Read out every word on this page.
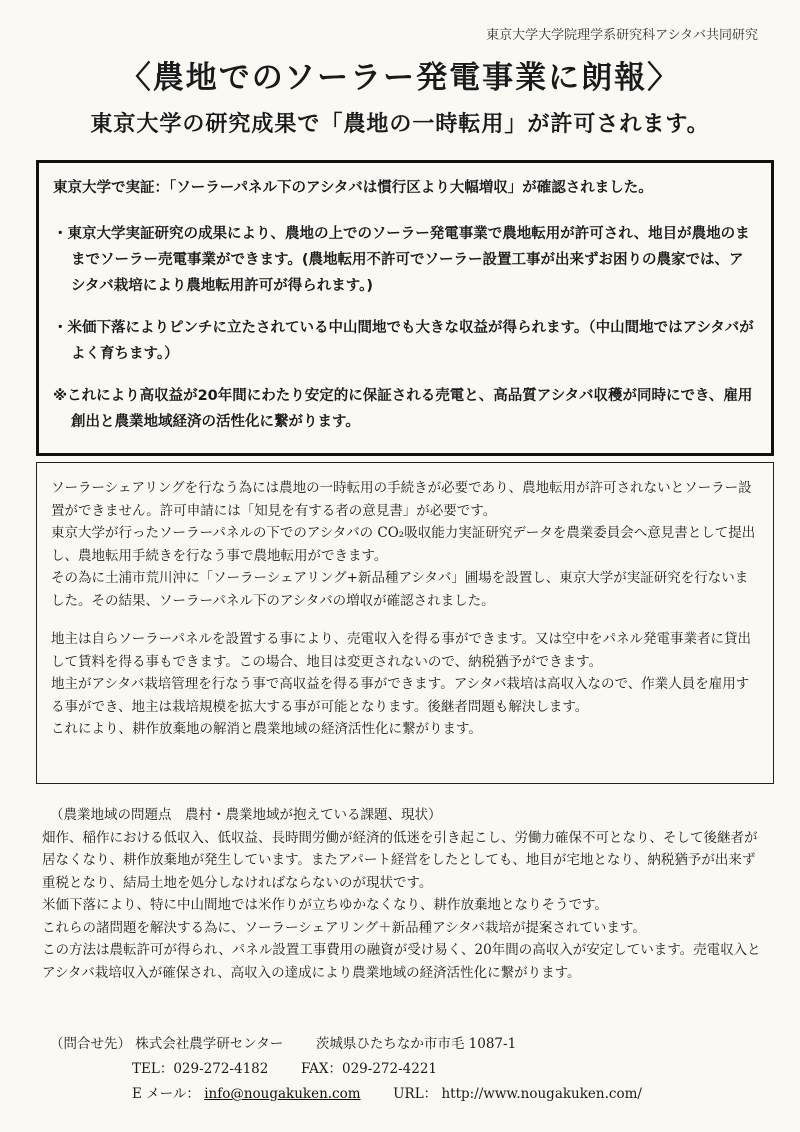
東京大学大学院理学系研究科アシタバ共同研究
〈農地でのソーラー発電事業に朗報〉
東京大学の研究成果で「農地の一時転用」が許可されます。

東京大学で実証：「ソーラーパネル下のアシタバは慣行区より大幅増収」が確認されました。

・東京大学実証研究の成果により、農地の上でのソーラー発電事業で農地転用が許可され、地目が農地のままでソーラー売電事業ができます。(農地転用不許可でソーラー設置工事が出来ずお困りの農家では、アシタバ栽培により農地転用許可が得られます。)

・米価下落によりピンチに立たされている中山間地でも大きな収益が得られます。（中山間地ではアシタバがよく育ちます。）

※これにより高収益が20年間にわたり安定的に保証される売電と、高品質アシタバ収穫が同時にでき、雇用創出と農業地域経済の活性化に繋がります。

ソーラーシェアリングを行なう為には農地の一時転用の手続きが必要であり、農地転用が許可されないとソーラー設置ができません。許可申請には「知見を有する者の意見書」が必要です。

東京大学が行ったソーラーパネルの下でのアシタバの CO₂吸収能力実証研究データを農業委員会へ意見書として提出し、農地転用手続きを行なう事で農地転用ができます。

その為に土浦市荒川沖に「ソーラーシェアリング+新品種アシタバ」圃場を設置し、東京大学が実証研究を行ないました。その結果、ソーラーパネル下のアシタバの増収が確認されました。

地主は自らソーラーパネルを設置する事により、売電収入を得る事ができます。又は空中をパネル発電事業者に貸出して賃料を得る事もできます。この場合、地目は変更されないので、納税猶予ができます。

地主がアシタバ栽培管理を行なう事で高収益を得る事ができます。アシタバ栽培は高収入なので、作業人員を雇用する事ができ、地主は栽培規模を拡大する事が可能となります。後継者問題も解決します。

これにより、耕作放棄地の解消と農業地域の経済活性化に繋がります。

（農業地域の問題点　農村・農業地域が抱えている課題、現状）

畑作、稲作における低収入、低収益、長時間労働が経済的低迷を引き起こし、労働力確保不可となり、そして後継者が居なくなり、耕作放棄地が発生しています。またアパート経営をしたとしても、地目が宅地となり、納税猶予が出来ず重税となり、結局土地を処分しなければならないのが現状です。

米価下落により、特に中山間地では米作りが立ちゆかなくなり、耕作放棄地となりそうです。

これらの諸問題を解決する為に、ソーラーシェアリング＋新品種アシタバ栽培が提案されています。

この方法は農転許可が得られ、パネル設置工事費用の融資が受け易く、20年間の高収入が安定しています。売電収入とアシタバ栽培収入が確保され、高収入の達成により農業地域の経済活性化に繋がります。

（問合せ先） 株式会社農学研センター 茨城県ひたちなか市市毛 1087-1
TEL：029-272-4182 FAX：029-272-4221
E メール： info@nougakuken.com URL： http://www.nougakuken.com/
